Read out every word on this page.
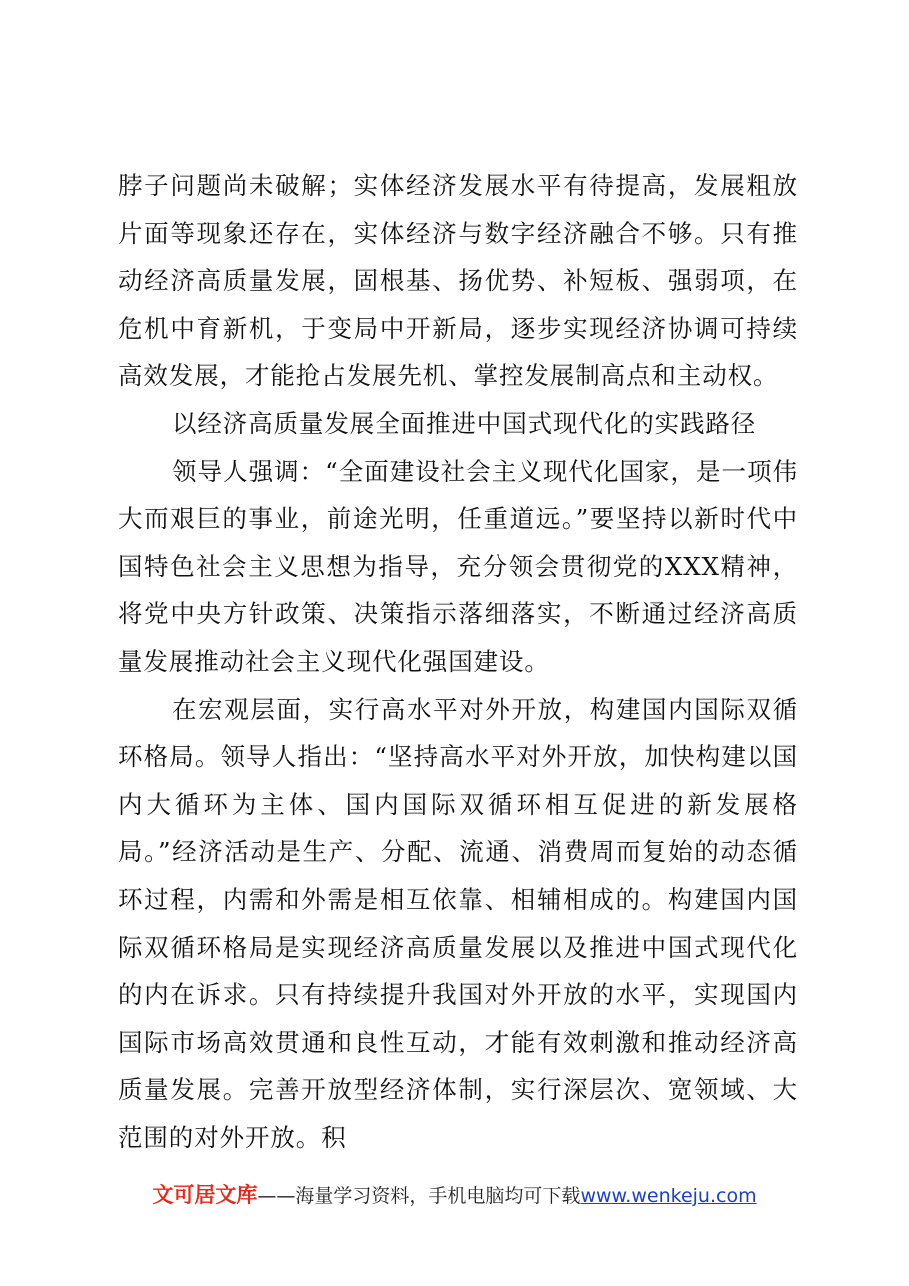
脖子问题尚未破解；实体经济发展水平有待提高，发展粗放片面等现象还存在，实体经济与数字经济融合不够。只有推动经济高质量发展，固根基、扬优势、补短板、强弱项，在危机中育新机，于变局中开新局，逐步实现经济协调可持续高效发展，才能抢占发展先机、掌控发展制高点和主动权。

以经济高质量发展全面推进中国式现代化的实践路径

领导人强调：“全面建设社会主义现代化国家，是一项伟大而艰巨的事业，前途光明，任重道远。”要坚持以新时代中国特色社会主义思想为指导，充分领会贯彻党的XXX精神，将党中央方针政策、决策指示落细落实，不断通过经济高质量发展推动社会主义现代化强国建设。

在宏观层面，实行高水平对外开放，构建国内国际双循环格局。领导人指出：“坚持高水平对外开放，加快构建以国内大循环为主体、国内国际双循环相互促进的新发展格局。”经济活动是生产、分配、流通、消费周而复始的动态循环过程，内需和外需是相互依靠、相辅相成的。构建国内国际双循环格局是实现经济高质量发展以及推进中国式现代化的内在诉求。只有持续提升我国对外开放的水平，实现国内国际市场高效贯通和良性互动，才能有效刺激和推动经济高质量发展。完善开放型经济体制，实行深层次、宽领域、大范围的对外开放。积

文可居文库——海量学习资料，手机电脑均可下载www.wenkeju.com
